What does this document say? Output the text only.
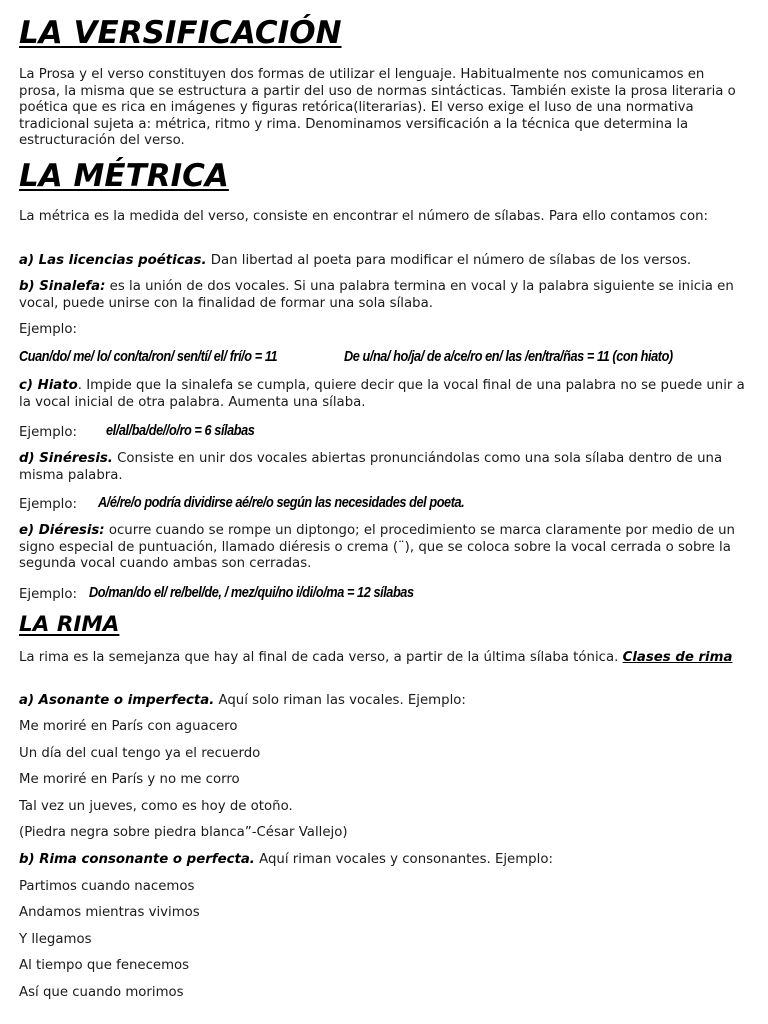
LA VERSIFICACIÓN
La Prosa y el verso constituyen dos formas de utilizar el lenguaje. Habitualmente nos comunicamos en prosa, la misma que se estructura a partir del uso de normas sintácticas. También existe la prosa literaria o poética que es rica en imágenes y figuras retórica(literarias). El verso exige el luso de una normativa tradicional sujeta a: métrica, ritmo y rima. Denominamos versificación a la técnica que determina la estructuración del verso.
LA MÉTRICA
La métrica es la medida del verso, consiste en encontrar el número de sílabas. Para ello contamos con:
a) Las licencias poéticas. Dan libertad al poeta para modificar el número de sílabas de los versos.
b) Sinalefa: es la unión de dos vocales. Si una palabra termina en vocal y la palabra siguiente se inicia en vocal, puede unirse con la finalidad de formar una sola sílaba.
Ejemplo:
Cuan/do/ me/ lo/ con/ta/ron/ sen/tí/ el/ frí/o = 11	De u/na/ ho/ja/ de a/ce/ro en/ las /en/tra/ñas = 11 (con hiato)
c) Hiato. Impide que la sinalefa se cumpla, quiere decir que la vocal final de una palabra no se puede unir a la vocal inicial de otra palabra. Aumenta una sílaba.
Ejemplo: el/al/ba/de//o/ro = 6 sílabas
d) Sinéresis. Consiste en unir dos vocales abiertas pronunciándolas como una sola sílaba dentro de una misma palabra.
Ejemplo: A/é/re/o podría dividirse aé/re/o según las necesidades del poeta.
e) Diéresis: ocurre cuando se rompe un diptongo; el procedimiento se marca claramente por medio de un signo especial de puntuación, llamado diéresis o crema (¨), que se coloca sobre la vocal cerrada o sobre la segunda vocal cuando ambas son cerradas.
Ejemplo: Do/man/do el/ re/bel/de, / mez/qui/no i/di/o/ma = 12 sílabas
LA RIMA
La rima es la semejanza que hay al final de cada verso, a partir de la última sílaba tónica. Clases de rima
a) Asonante o imperfecta. Aquí solo riman las vocales. Ejemplo:
Me moriré en París con aguacero
Un día del cual tengo ya el recuerdo
Me moriré en París y no me corro
Tal vez un jueves, como es hoy de otoño.
(Piedra negra sobre piedra blanca”-César Vallejo)
b) Rima consonante o perfecta. Aquí riman vocales y consonantes. Ejemplo:
Partimos cuando nacemos
Andamos mientras vivimos
Y llegamos
Al tiempo que fenecemos
Así que cuando morimos
